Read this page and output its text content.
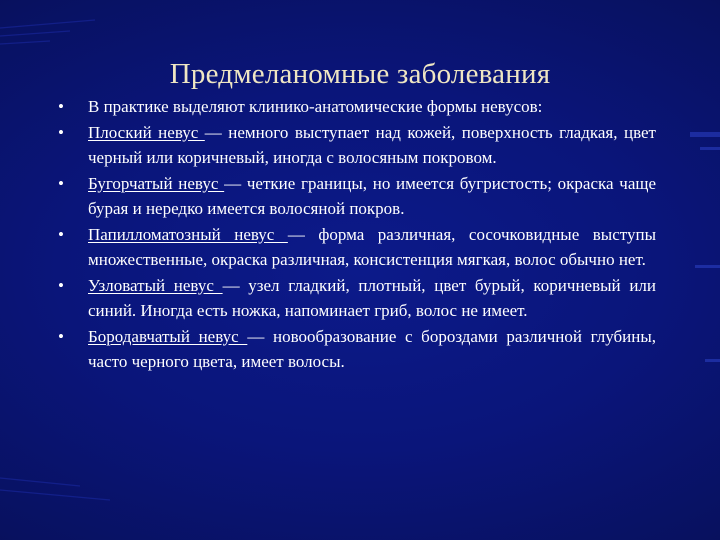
Предмеланомные заболевания

•	В практике выделяют клинико-анатомические формы невусов:

•	Плоский невус — немного выступает над кожей, поверхность гладкая, цвет черный или коричневый, иногда с волосяным покровом.

•	Бугорчатый невус — четкие границы, но имеется бугристость; окраска чаще бурая и нередко имеется волосяной покров.

•	Папилломатозный невус — форма различная, сосочковидные выступы множественные, окраска различная, консистенция мягкая, волос обычно нет.

•	Узловатый невус — узел гладкий, плотный, цвет бурый, коричневый или синий. Иногда есть ножка, напоминает гриб, волос не имеет.

•	Бородавчатый невус — новообразование с бороздами различной глубины, часто черного цвета, имеет волосы.
